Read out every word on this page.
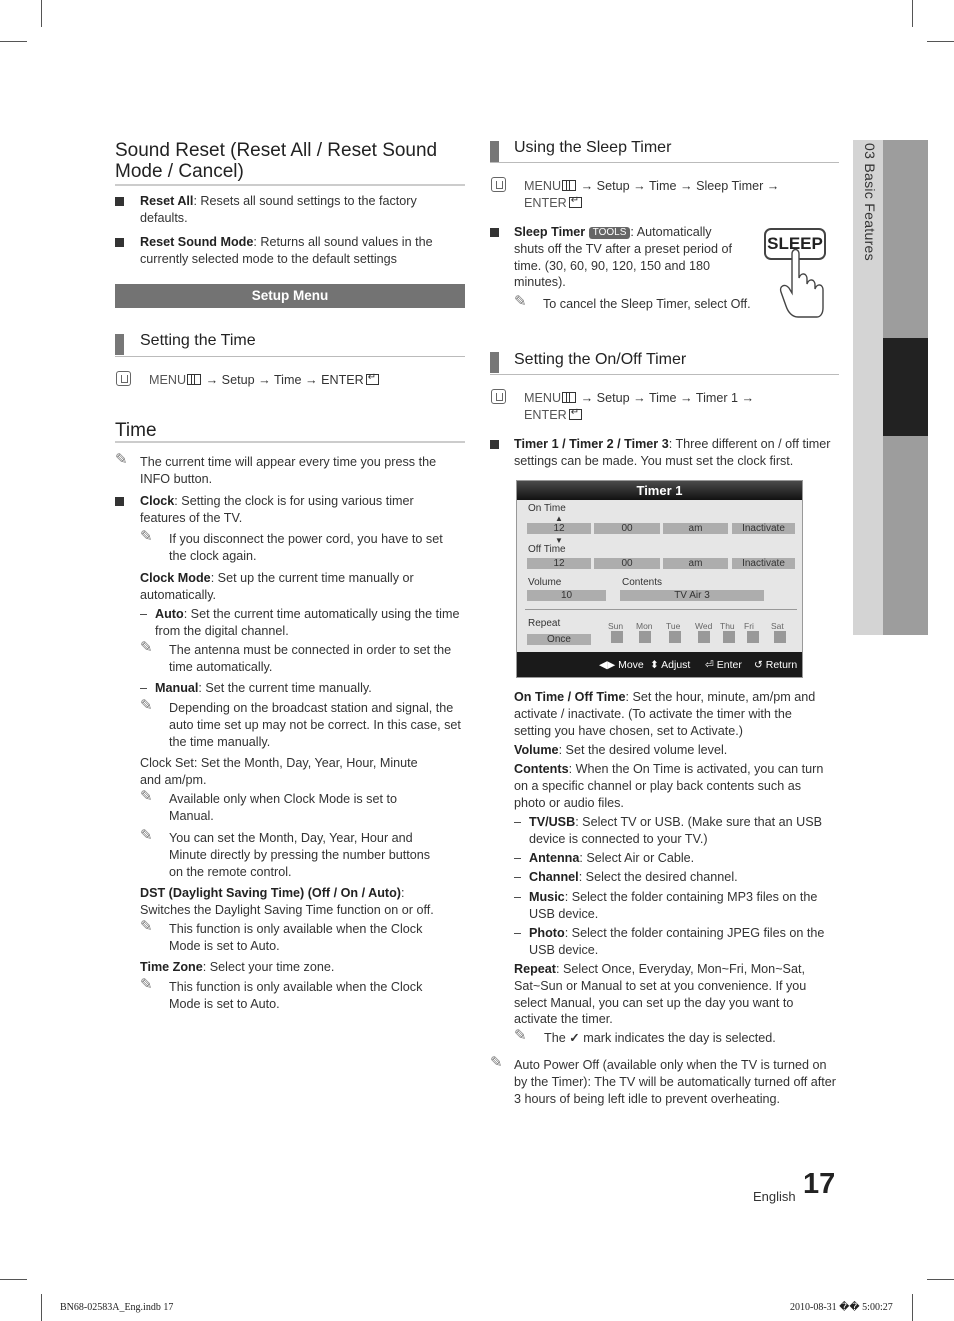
03 Basic Features
Sound Reset (Reset All / Reset Sound Mode / Cancel)
Reset All: Resets all sound settings to the factory defaults.
Reset Sound Mode: Returns all sound values in the currently selected mode to the default settings
Setup Menu
Setting the Time
MENU → Setup → Time → ENTER↵
Time
✎ The current time will appear every time you press the INFO button.
Clock: Setting the clock is for using various timer features of the TV.
✎ If you disconnect the power cord, you have to set the clock again.
Clock Mode: Set up the current time manually or automatically.
– Auto: Set the current time automatically using the time from the digital channel.
✎ The antenna must be connected in order to set the time automatically.
– Manual: Set the current time manually.
✎ Depending on the broadcast station and signal, the auto time set up may not be correct. In this case, set the time manually.
Clock Set: Set the Month, Day, Year, Hour, Minute
and am/pm.
✎ Available only when Clock Mode is set to
Manual.
✎ You can set the Month, Day, Year, Hour and
Minute directly by pressing the number buttons
on the remote control.
DST (Daylight Saving Time) (Off / On / Auto):
Switches the Daylight Saving Time function on or off.
✎ This function is only available when the Clock
Mode is set to Auto.
Time Zone: Select your time zone.
✎ This function is only available when the Clock
Mode is set to Auto.
Using the Sleep Timer
MENU → Setup → Time → Sleep Timer →
ENTER↵
Sleep Timer TOOLS : Automatically shuts off the TV after a preset period of time. (30, 60, 90, 120, 150 and 180 minutes).
SLEEP
✎ To cancel the Sleep Timer, select Off.
Setting the On/Off Timer
MENU → Setup → Time → Timer 1 →
ENTER↵
Timer 1 / Timer 2 / Timer 3: Three different on / off timer settings can be made. You must set the clock first.
Timer 1
On Time
▲
12	00	am	Inactivate
▼
Off Time
12	00	am	Inactivate
Volume	Contents
10	TV Air 3
Repeat
Once
Sun Mon Tue Wed Thu Fri Sat
◀▶ Move ⬍ Adjust ⏎ Enter ↺ Return
On Time / Off Time: Set the hour, minute, am/pm and activate / inactivate. (To activate the timer with the setting you have chosen, set to Activate.)
Volume: Set the desired volume level.
Contents: When the On Time is activated, you can turn on a specific channel or play back contents such as photo or audio files.
– TV/USB: Select TV or USB. (Make sure that an USB device is connected to your TV.)
– Antenna: Select Air or Cable.
– Channel: Select the desired channel.
– Music: Select the folder containing MP3 files on the USB device.
– Photo: Select the folder containing JPEG files on the USB device.
Repeat: Select Once, Everyday, Mon~Fri, Mon~Sat, Sat~Sun or Manual to set at you convenience. If you select Manual, you can set up the day you want to activate the timer.
✎ The ✓ mark indicates the day is selected.
✎ Auto Power Off (available only when the TV is turned on by the Timer): The TV will be automatically turned off after 3 hours of being left idle to prevent overheating.
English 17
BN68-02583A_Eng.indb 17	2010-08-31 �� 5:00:27
